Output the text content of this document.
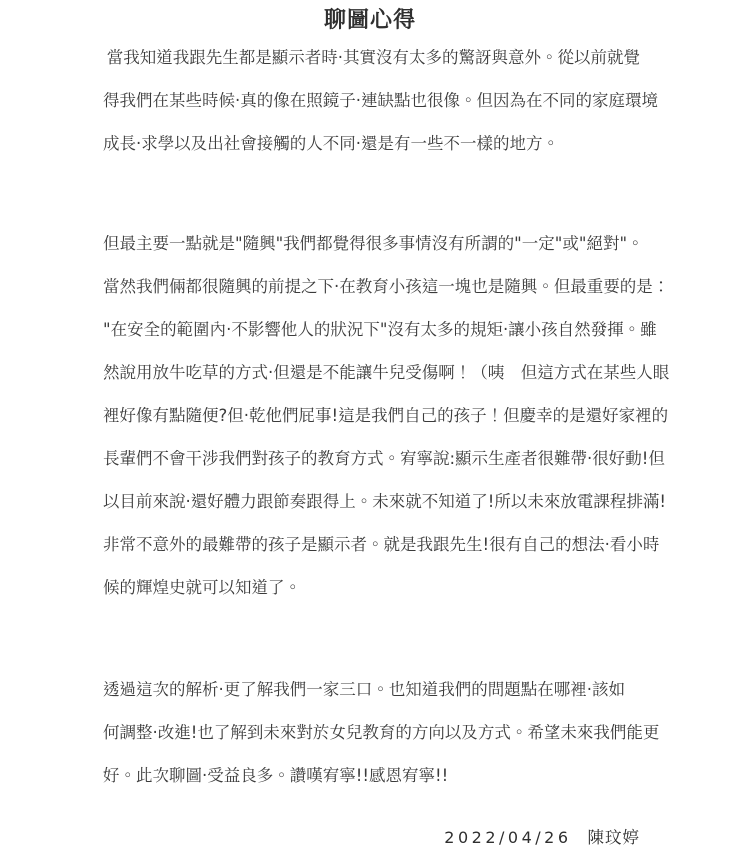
聊圖心得
當我知道我跟先生都是顯示者時‧其實沒有太多的驚訝與意外。從以前就覺
得我們在某些時候‧真的像在照鏡子‧連缺點也很像。但因為在不同的家庭環境
成長‧求學以及出社會接觸的人不同‧還是有一些不一樣的地方。
但最主要一點就是"隨興"我們都覺得很多事情沒有所謂的"一定"或"絕對"。
當然我們倆都很隨興的前提之下‧在教育小孩這一塊也是隨興。但最重要的是：
"在安全的範圍內‧不影響他人的狀況下"沒有太多的規矩‧讓小孩自然發揮。雖
然說用放牛吃草的方式‧但還是不能讓牛兒受傷啊！（咦　但這方式在某些人眼
裡好像有點隨便?但‧乾他們屁事!這是我們自己的孩子！但慶幸的是還好家裡的
長輩們不會干涉我們對孩子的教育方式。宥寧說:顯示生產者很難帶‧很好動!但
以目前來說‧還好體力跟節奏跟得上。未來就不知道了!所以未來放電課程排滿!
非常不意外的最難帶的孩子是顯示者。就是我跟先生!很有自己的想法‧看小時
候的輝煌史就可以知道了。
透過這次的解析‧更了解我們一家三口。也知道我們的問題點在哪裡‧該如
何調整‧改進!也了解到未來對於女兒教育的方向以及方式。希望未來我們能更
好。此次聊圖‧受益良多。讚嘆宥寧!!感恩宥寧!!
2022/04/26 陳玟婷
